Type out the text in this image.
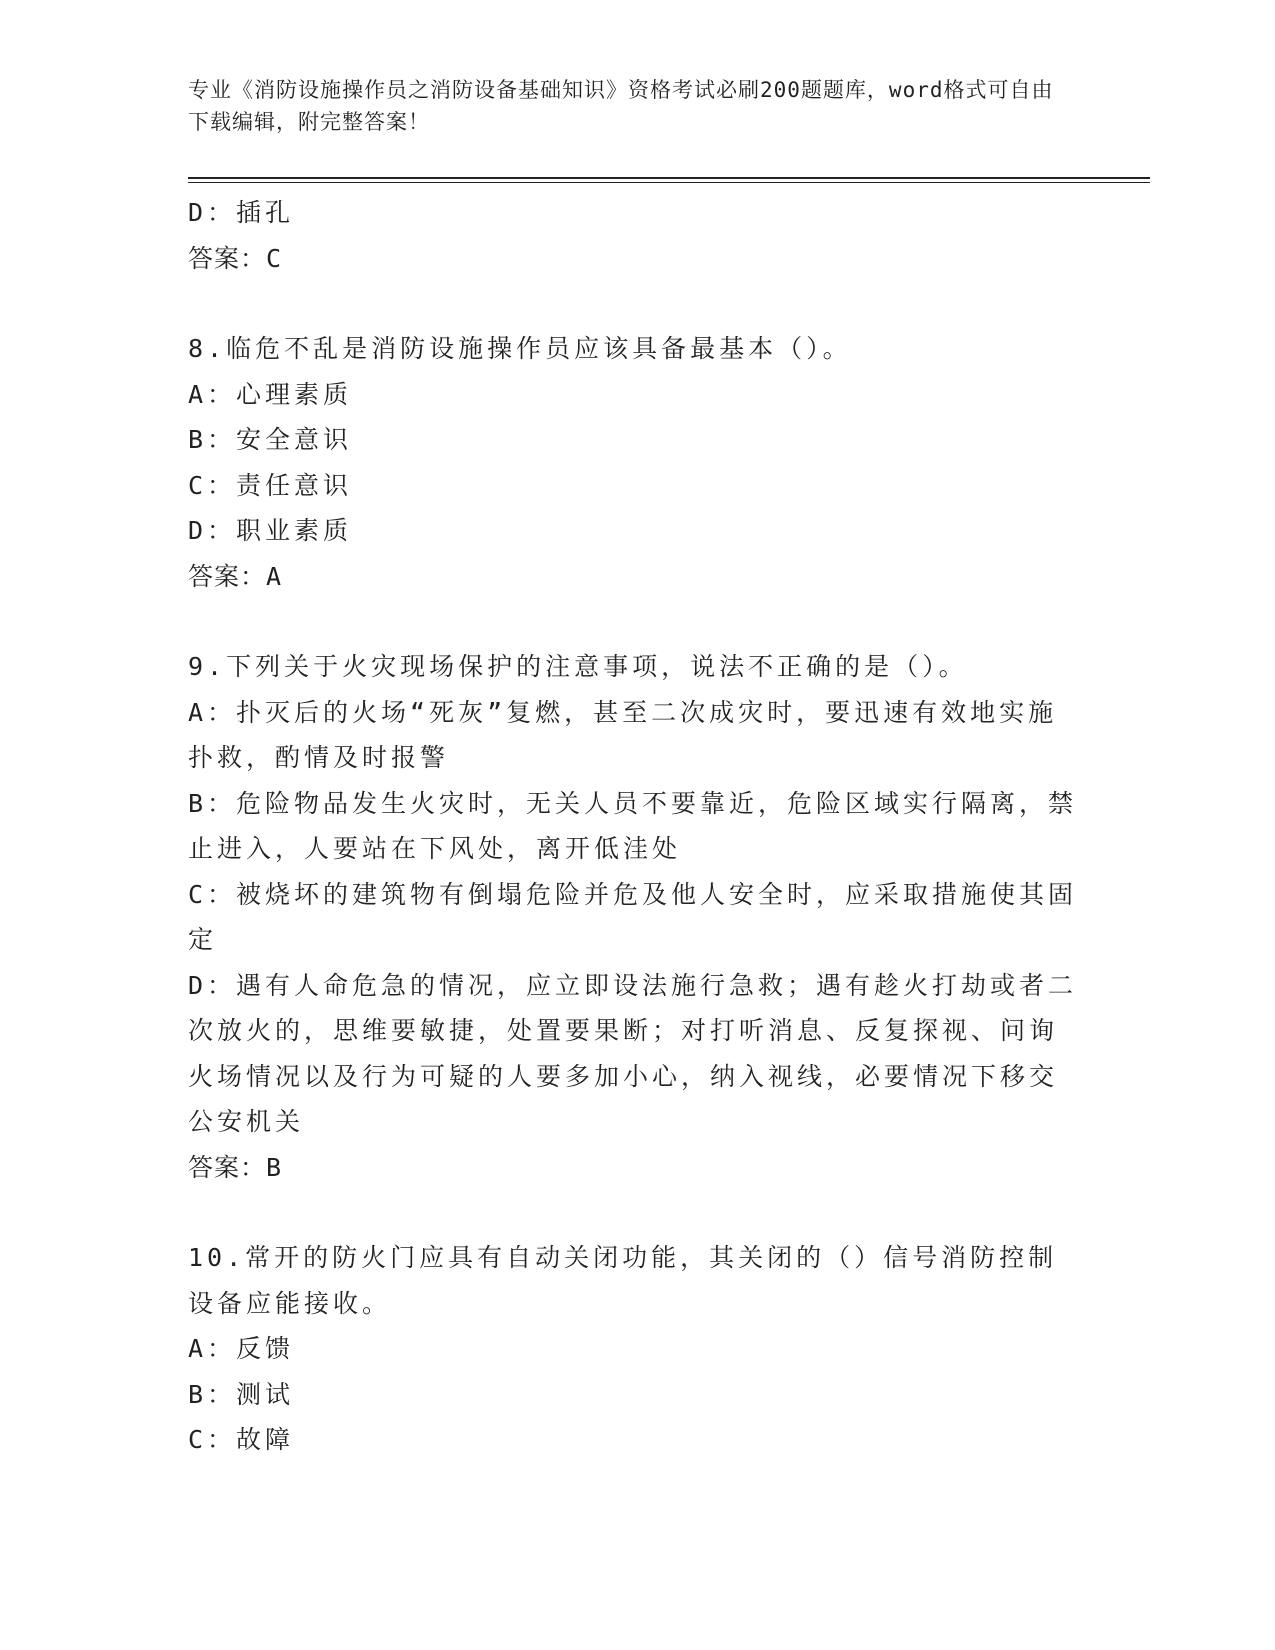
专业《消防设施操作员之消防设备基础知识》资格考试必刷200题题库，word格式可自由下载编辑，附完整答案！
D：插孔
答案：C
8.临危不乱是消防设施操作员应该具备最基本（）。
A：心理素质
B：安全意识
C：责任意识
D：职业素质
答案：A
9.下列关于火灾现场保护的注意事项，说法不正确的是（）。
A：扑灭后的火场“死灰”复燃，甚至二次成灾时，要迅速有效地实施扑救，酌情及时报警
B：危险物品发生火灾时，无关人员不要靠近，危险区域实行隔离，禁止进入，人要站在下风处，离开低洼处
C：被烧坏的建筑物有倒塌危险并危及他人安全时，应采取措施使其固定
D：遇有人命危急的情况，应立即设法施行急救；遇有趁火打劫或者二次放火的，思维要敏捷，处置要果断；对打听消息、反复探视、问询火场情况以及行为可疑的人要多加小心，纳入视线，必要情况下移交公安机关
答案：B
10.常开的防火门应具有自动关闭功能，其关闭的（）信号消防控制设备应能接收。
A：反馈
B：测试
C：故障
